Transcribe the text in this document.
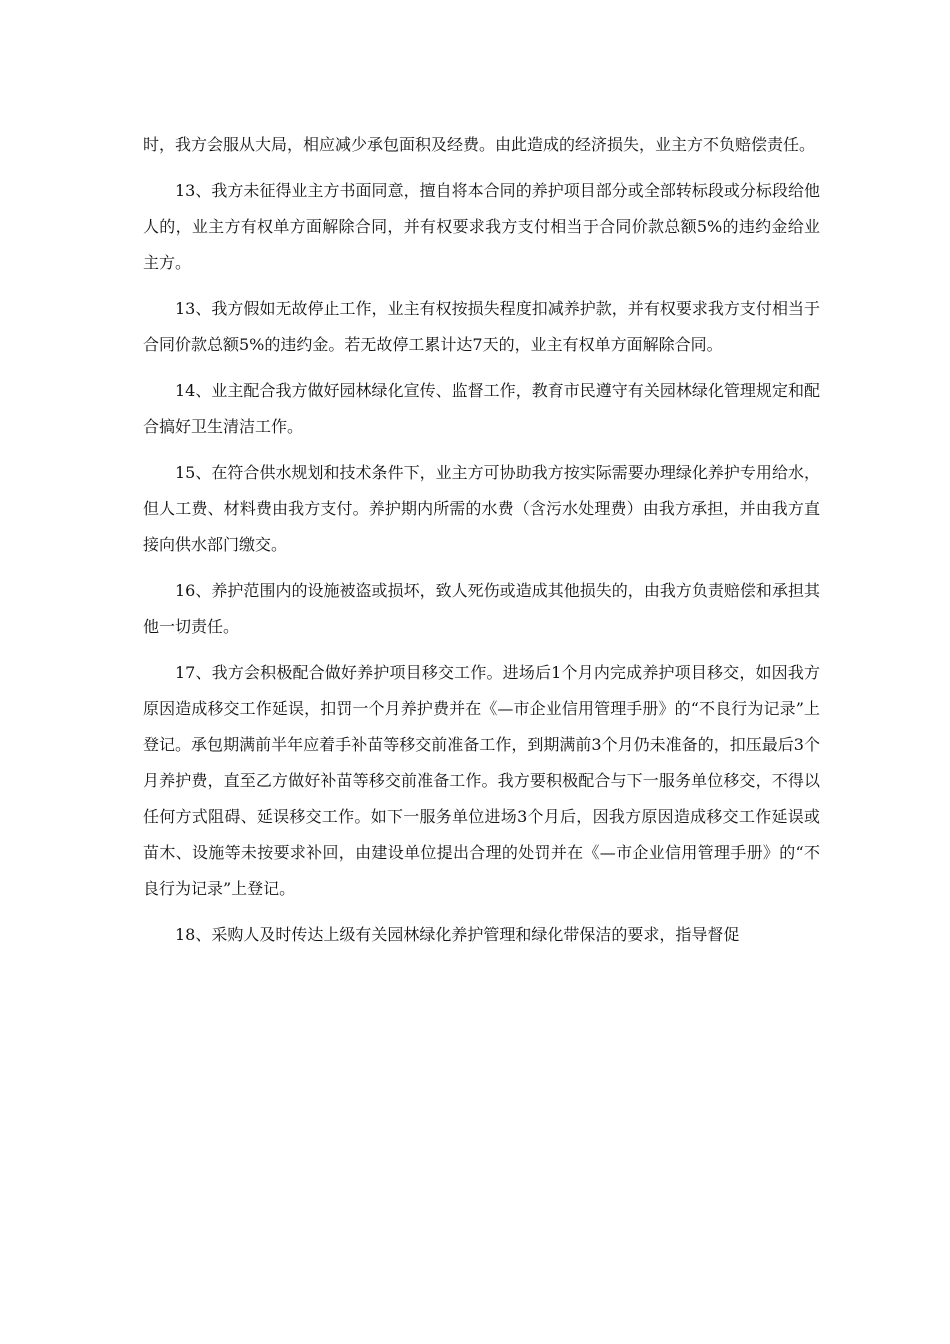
时，我方会服从大局，相应减少承包面积及经费。由此造成的经济损失，业主方不负赔偿责任。

13、我方未征得业主方书面同意，擅自将本合同的养护项目部分或全部转标段或分标段给他人的，业主方有权单方面解除合同，并有权要求我方支付相当于合同价款总额5%的违约金给业主方。

13、我方假如无故停止工作，业主有权按损失程度扣减养护款，并有权要求我方支付相当于合同价款总额5%的违约金。若无故停工累计达7天的，业主有权单方面解除合同。

14、业主配合我方做好园林绿化宣传、监督工作，教育市民遵守有关园林绿化管理规定和配合搞好卫生清洁工作。

15、在符合供水规划和技术条件下，业主方可协助我方按实际需要办理绿化养护专用给水，但人工费、材料费由我方支付。养护期内所需的水费（含污水处理费）由我方承担，并由我方直接向供水部门缴交。

16、养护范围内的设施被盗或损坏，致人死伤或造成其他损失的，由我方负责赔偿和承担其他一切责任。

17、我方会积极配合做好养护项目移交工作。进场后1个月内完成养护项目移交，如因我方原因造成移交工作延误，扣罚一个月养护费并在《—市企业信用管理手册》的“不良行为记录”上登记。承包期满前半年应着手补苗等移交前准备工作，到期满前3个月仍未准备的，扣压最后3个月养护费，直至乙方做好补苗等移交前准备工作。我方要积极配合与下一服务单位移交，不得以任何方式阻碍、延误移交工作。如下一服务单位进场3个月后，因我方原因造成移交工作延误或苗木、设施等未按要求补回，由建设单位提出合理的处罚并在《—市企业信用管理手册》的“不良行为记录”上登记。

18、采购人及时传达上级有关园林绿化养护管理和绿化带保洁的要求，指导督促
